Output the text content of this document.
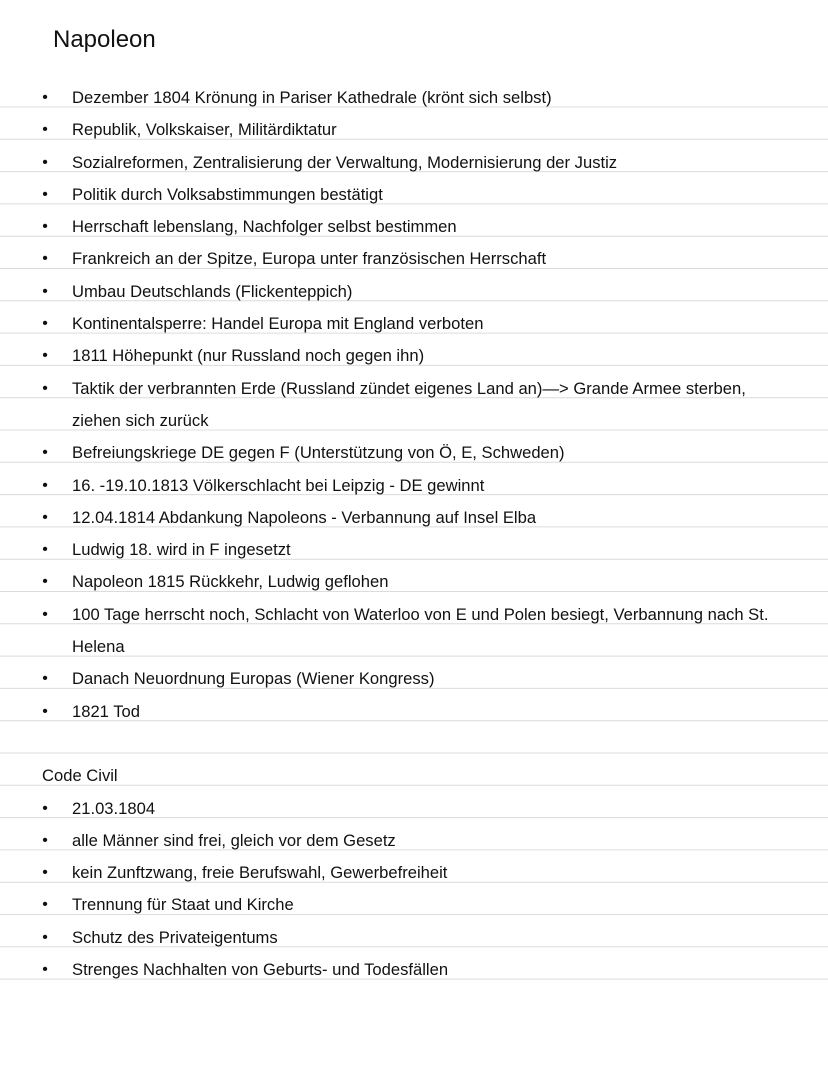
Napoleon
• Dezember 1804 Krönung in Pariser Kathedrale (krönt sich selbst)
• Republik, Volkskaiser, Militärdiktatur
• Sozialreformen, Zentralisierung der Verwaltung, Modernisierung der Justiz
• Politik durch Volksabstimmungen bestätigt
• Herrschaft lebenslang, Nachfolger selbst bestimmen
• Frankreich an der Spitze, Europa unter französischen Herrschaft
• Umbau Deutschlands (Flickenteppich)
• Kontinentalsperre: Handel Europa mit England verboten
• 1811 Höhepunkt (nur Russland noch gegen ihn)
• Taktik der verbrannten Erde (Russland zündet eigenes Land an)—> Grande Armee sterben, ziehen sich zurück
• Befreiungskriege DE gegen F (Unterstützung von Ö, E, Schweden)
• 16. -19.10.1813 Völkerschlacht bei Leipzig - DE gewinnt
• 12.04.1814 Abdankung Napoleons - Verbannung auf Insel Elba
• Ludwig 18. wird in F ingesetzt
• Napoleon 1815 Rückkehr, Ludwig geflohen
• 100 Tage herrscht noch, Schlacht von Waterloo von E und Polen besiegt, Verbannung nach St. Helena
• Danach Neuordnung Europas (Wiener Kongress)
• 1821 Tod
Code Civil
• 21.03.1804
• alle Männer sind frei, gleich vor dem Gesetz
• kein Zunftzwang, freie Berufswahl, Gewerbefreiheit
• Trennung für Staat und Kirche
• Schutz des Privateigentums
• Strenges Nachhalten von Geburts- und Todesfällen
